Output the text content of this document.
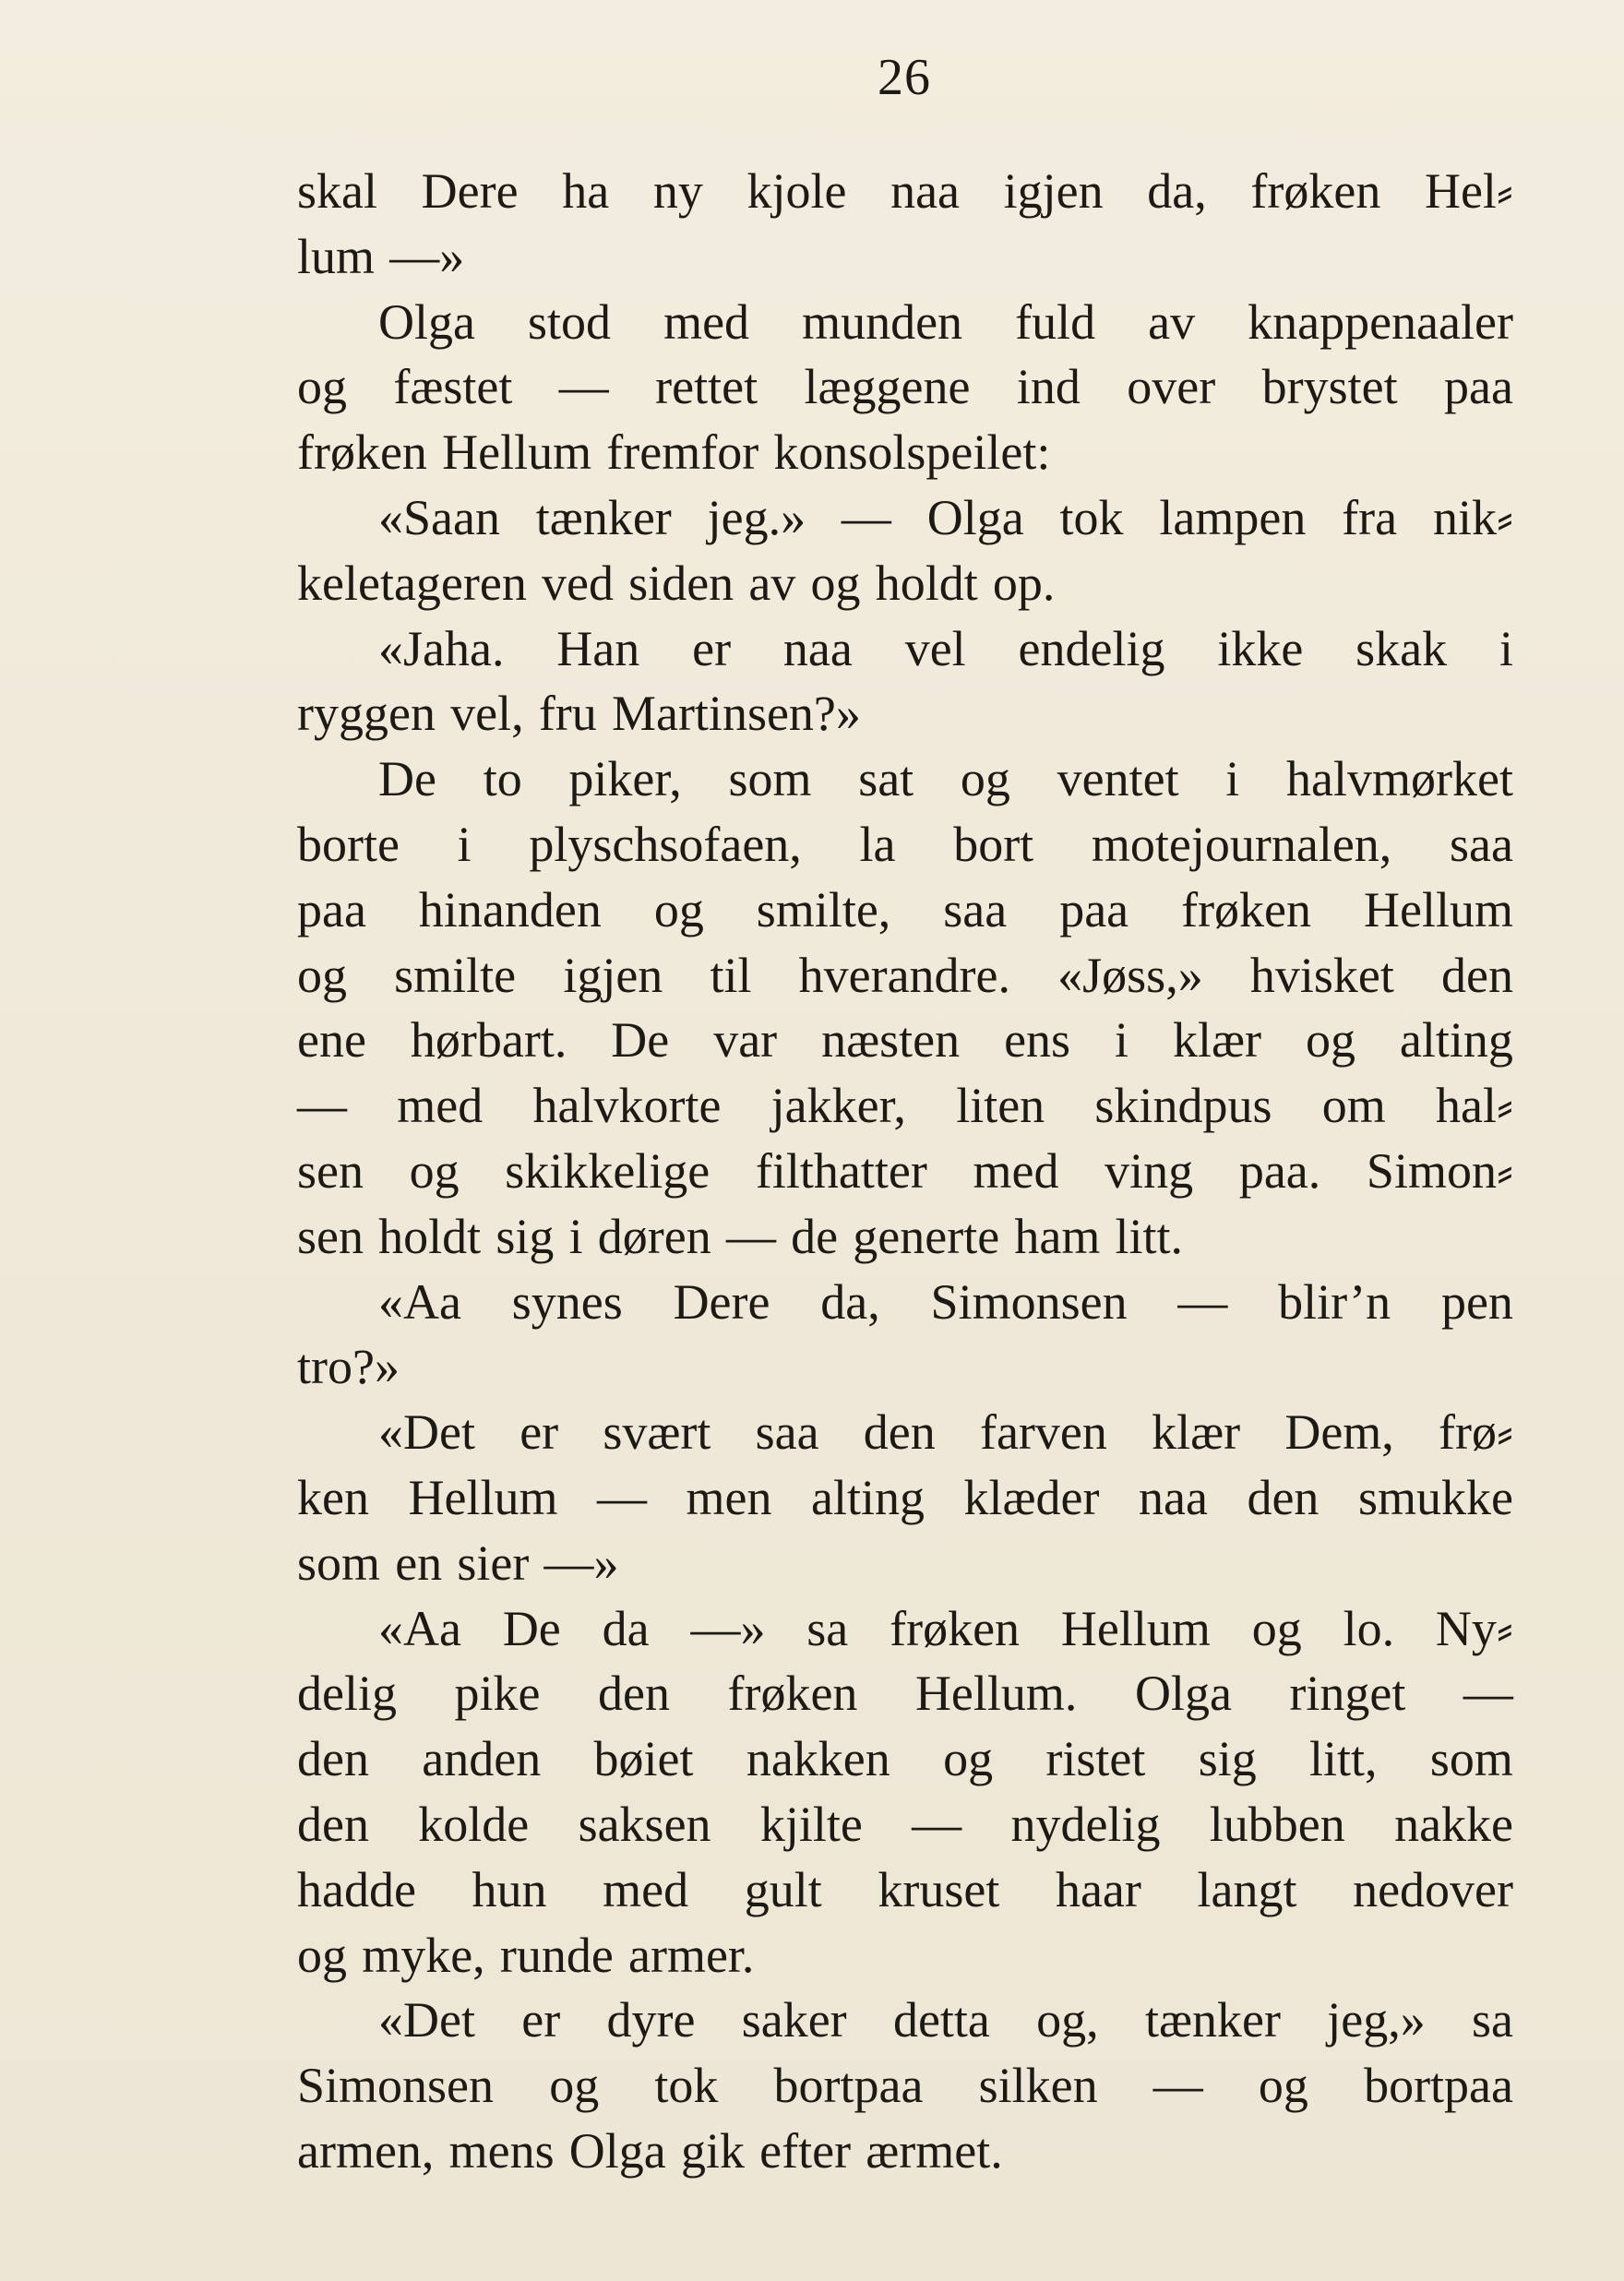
26
skal Dere ha ny kjole naa igjen da, frøken Hel⸗
lum —»
Olga stod med munden fuld av knappenaaler
og fæstet — rettet læggene ind over brystet paa
frøken Hellum fremfor konsolspeilet:
«Saan tænker jeg.» — Olga tok lampen fra nik⸗
keletageren ved siden av og holdt op.
«Jaha. Han er naa vel endelig ikke skak i
ryggen vel, fru Martinsen?»
De to piker, som sat og ventet i halvmørket
borte i plyschsofaen, la bort motejournalen, saa
paa hinanden og smilte, saa paa frøken Hellum
og smilte igjen til hverandre. «Jøss,» hvisket den
ene hørbart. De var næsten ens i klær og alting
— med halvkorte jakker, liten skindpus om hal⸗
sen og skikkelige filthatter med ving paa. Simon⸗
sen holdt sig i døren — de generte ham litt.
«Aa synes Dere da, Simonsen — blir’n pen
tro?»
«Det er svært saa den farven klær Dem, frø⸗
ken Hellum — men alting klæder naa den smukke
som en sier —»
«Aa De da —» sa frøken Hellum og lo. Ny⸗
delig pike den frøken Hellum. Olga ringet —
den anden bøiet nakken og ristet sig litt, som
den kolde saksen kjilte — nydelig lubben nakke
hadde hun med gult kruset haar langt nedover
og myke, runde armer.
«Det er dyre saker detta og, tænker jeg,» sa
Simonsen og tok bortpaa silken — og bortpaa
armen, mens Olga gik efter ærmet.
